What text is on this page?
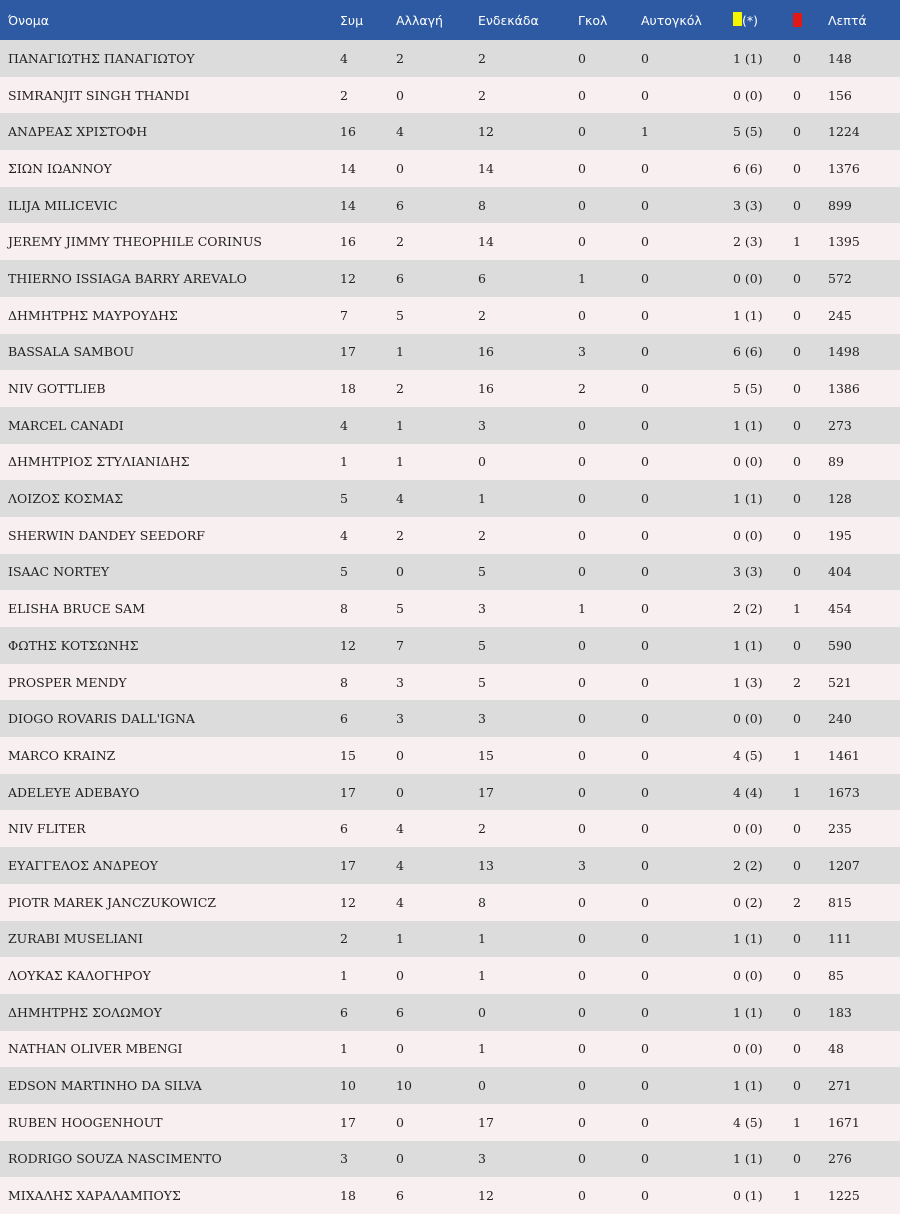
Όνομα	Συμ	Αλλαγή	Ενδεκάδα	Γκολ	Αυτογκόλ	(*)		Λεπτά
ΠΑΝΑΓΙΩΤΗΣ ΠΑΝΑΓΙΩΤΟΥ	4	2	2	0	0	1 (1)	0	148
SIMRANJIT SINGH THANDI	2	0	2	0	0	0 (0)	0	156
ΑΝΔΡΕΑΣ ΧΡΙΣΤΟΦΗ	16	4	12	0	1	5 (5)	0	1224
ΣΙΩΝ ΙΩΑΝΝΟΥ	14	0	14	0	0	6 (6)	0	1376
ILIJA MILICEVIC	14	6	8	0	0	3 (3)	0	899
JEREMY JIMMY THEOPHILE CORINUS	16	2	14	0	0	2 (3)	1	1395
THIERNO ISSIAGA BARRY AREVALO	12	6	6	1	0	0 (0)	0	572
ΔΗΜΗΤΡΗΣ ΜΑΥΡΟΥΔΗΣ	7	5	2	0	0	1 (1)	0	245
BASSALA SAMBOU	17	1	16	3	0	6 (6)	0	1498
NIV GOTTLIEB	18	2	16	2	0	5 (5)	0	1386
MARCEL CANADI	4	1	3	0	0	1 (1)	0	273
ΔΗΜΗΤΡΙΟΣ ΣΤΥΛΙΑΝΙΔΗΣ	1	1	0	0	0	0 (0)	0	89
ΛΟΙΖΟΣ ΚΟΣΜΑΣ	5	4	1	0	0	1 (1)	0	128
SHERWIN DANDEY SEEDORF	4	2	2	0	0	0 (0)	0	195
ISAAC NORTEY	5	0	5	0	0	3 (3)	0	404
ELISHA BRUCE SAM	8	5	3	1	0	2 (2)	1	454
ΦΩΤΗΣ ΚΟΤΣΩΝΗΣ	12	7	5	0	0	1 (1)	0	590
PROSPER MENDY	8	3	5	0	0	1 (3)	2	521
DIOGO ROVARIS DALL'IGNA	6	3	3	0	0	0 (0)	0	240
MARCO KRAINZ	15	0	15	0	0	4 (5)	1	1461
ADELEYE ADEBAYO	17	0	17	0	0	4 (4)	1	1673
NIV FLITER	6	4	2	0	0	0 (0)	0	235
ΕΥΑΓΓΕΛΟΣ ΑΝΔΡΕΟΥ	17	4	13	3	0	2 (2)	0	1207
PIOTR MAREK JANCZUKOWICZ	12	4	8	0	0	0 (2)	2	815
ZURABI MUSELIANI	2	1	1	0	0	1 (1)	0	111
ΛΟΥΚΑΣ ΚΑΛΟΓΗΡΟΥ	1	0	1	0	0	0 (0)	0	85
ΔΗΜΗΤΡΗΣ ΣΟΛΩΜΟΥ	6	6	0	0	0	1 (1)	0	183
NATHAN OLIVER MBENGI	1	0	1	0	0	0 (0)	0	48
EDSON MARTINHO DA SILVA	10	10	0	0	0	1 (1)	0	271
RUBEN HOOGENHOUT	17	0	17	0	0	4 (5)	1	1671
RODRIGO SOUZA NASCIMENTO	3	0	3	0	0	1 (1)	0	276
ΜΙΧΑΛΗΣ ΧΑΡΑΛΑΜΠΟΥΣ	18	6	12	0	0	0 (1)	1	1225
